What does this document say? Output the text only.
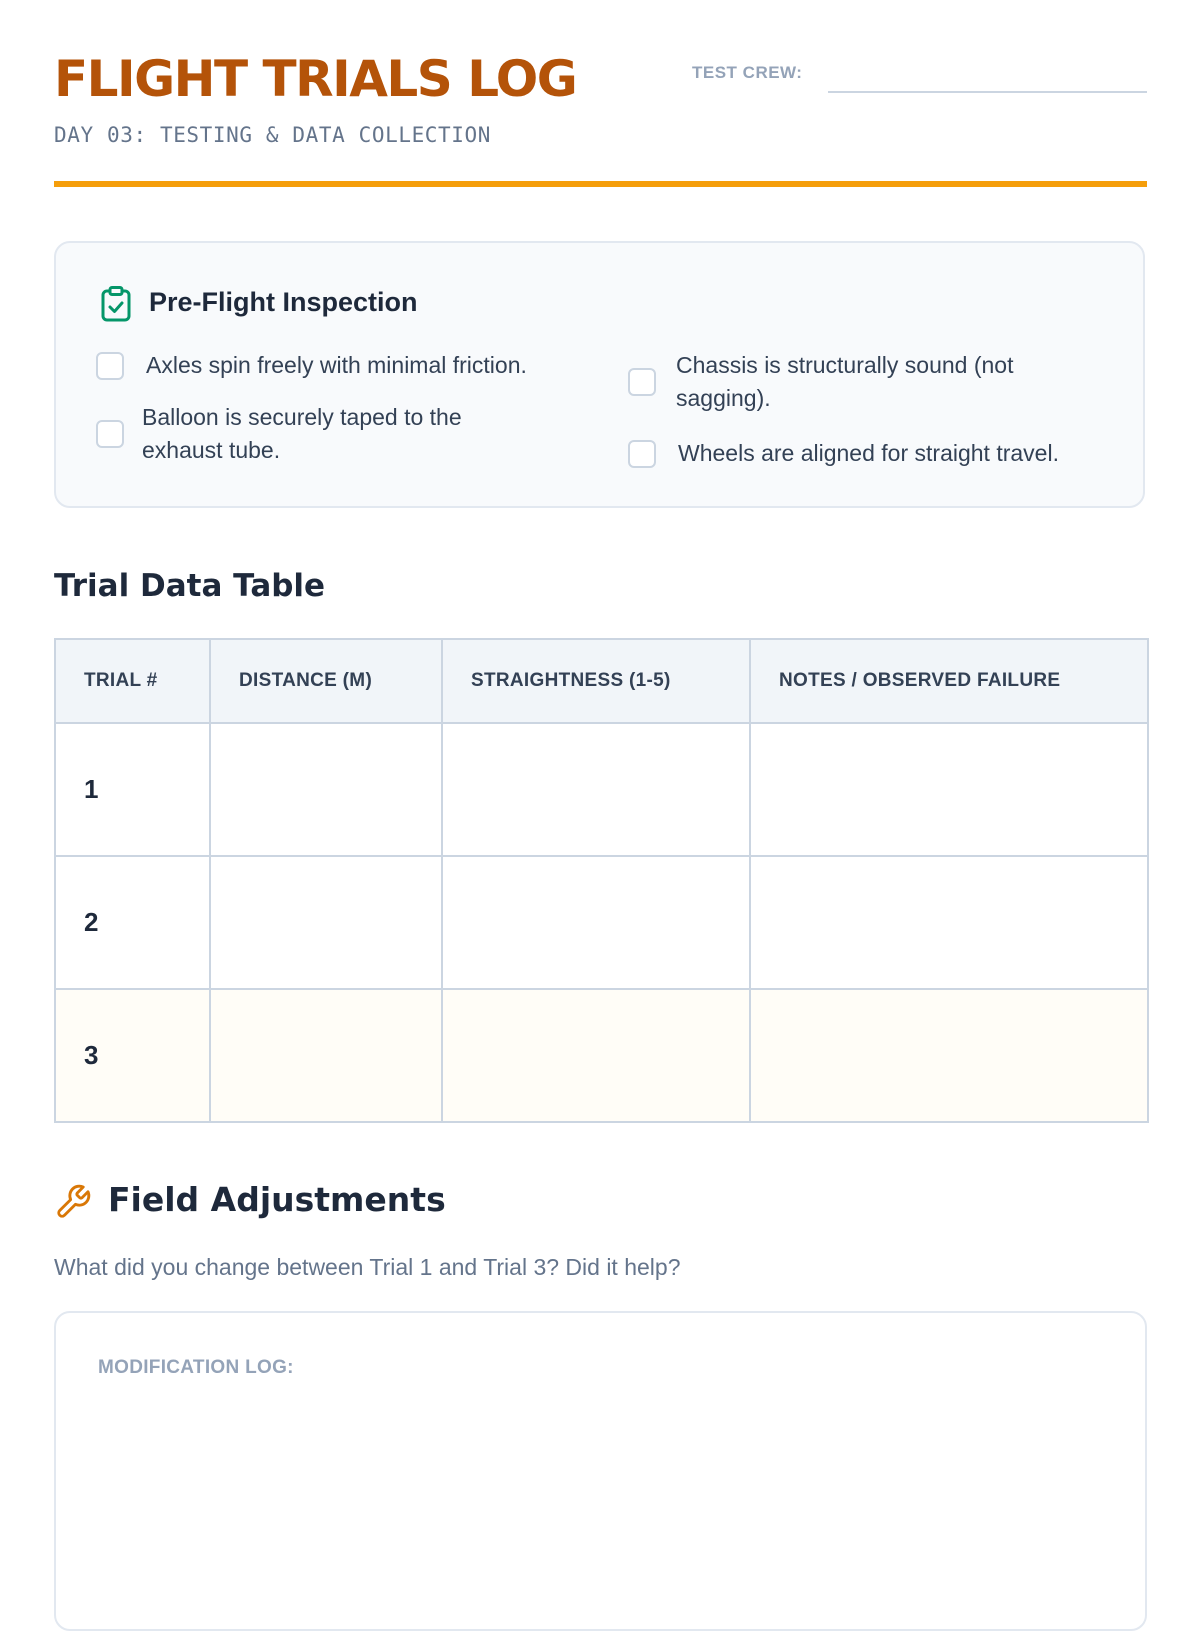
FLIGHT TRIALS LOG
DAY 03: TESTING & DATA COLLECTION
TEST CREW:
Pre-Flight Inspection
Axles spin freely with minimal friction.
Balloon is securely taped to the exhaust tube.
Chassis is structurally sound (not sagging).
Wheels are aligned for straight travel.
Trial Data Table
TRIAL #	DISTANCE (M)	STRAIGHTNESS (1-5)	NOTES / OBSERVED FAILURE
1			
2			
3			
Field Adjustments
What did you change between Trial 1 and Trial 3? Did it help?
MODIFICATION LOG:
